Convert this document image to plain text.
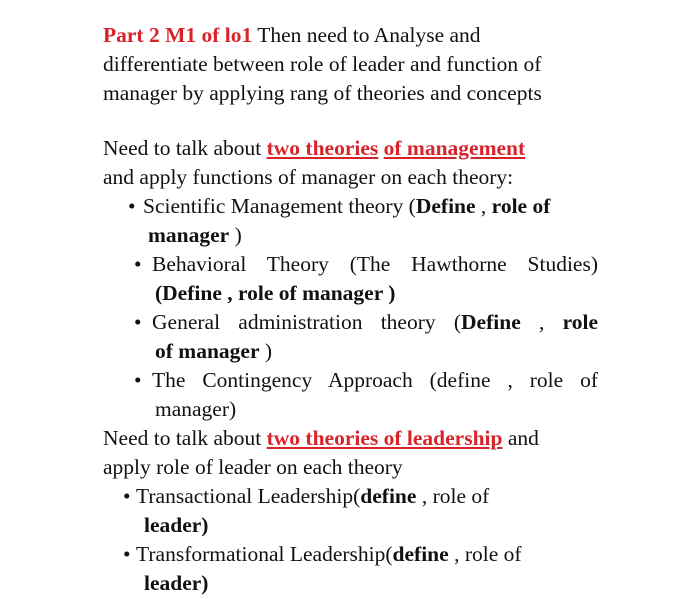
Part 2 M1 of lo1 Then need to Analyse and
differentiate between role of leader and function of
manager by applying rang of theories and concepts
Need to talk about two theories of management
and apply functions of manager on each theory:
• Scientific Management theory (Define , role of
manager )
• Behavioral Theory (The Hawthorne Studies)
(Define , role of manager )
• General administration theory (Define , role
of manager )
• The Contingency Approach (define , role of
manager)
Need to talk about two theories of leadership and
apply role of leader on each theory
• Transactional Leadership(define , role of
leader)
• Transformational Leadership(define , role of
leader)
